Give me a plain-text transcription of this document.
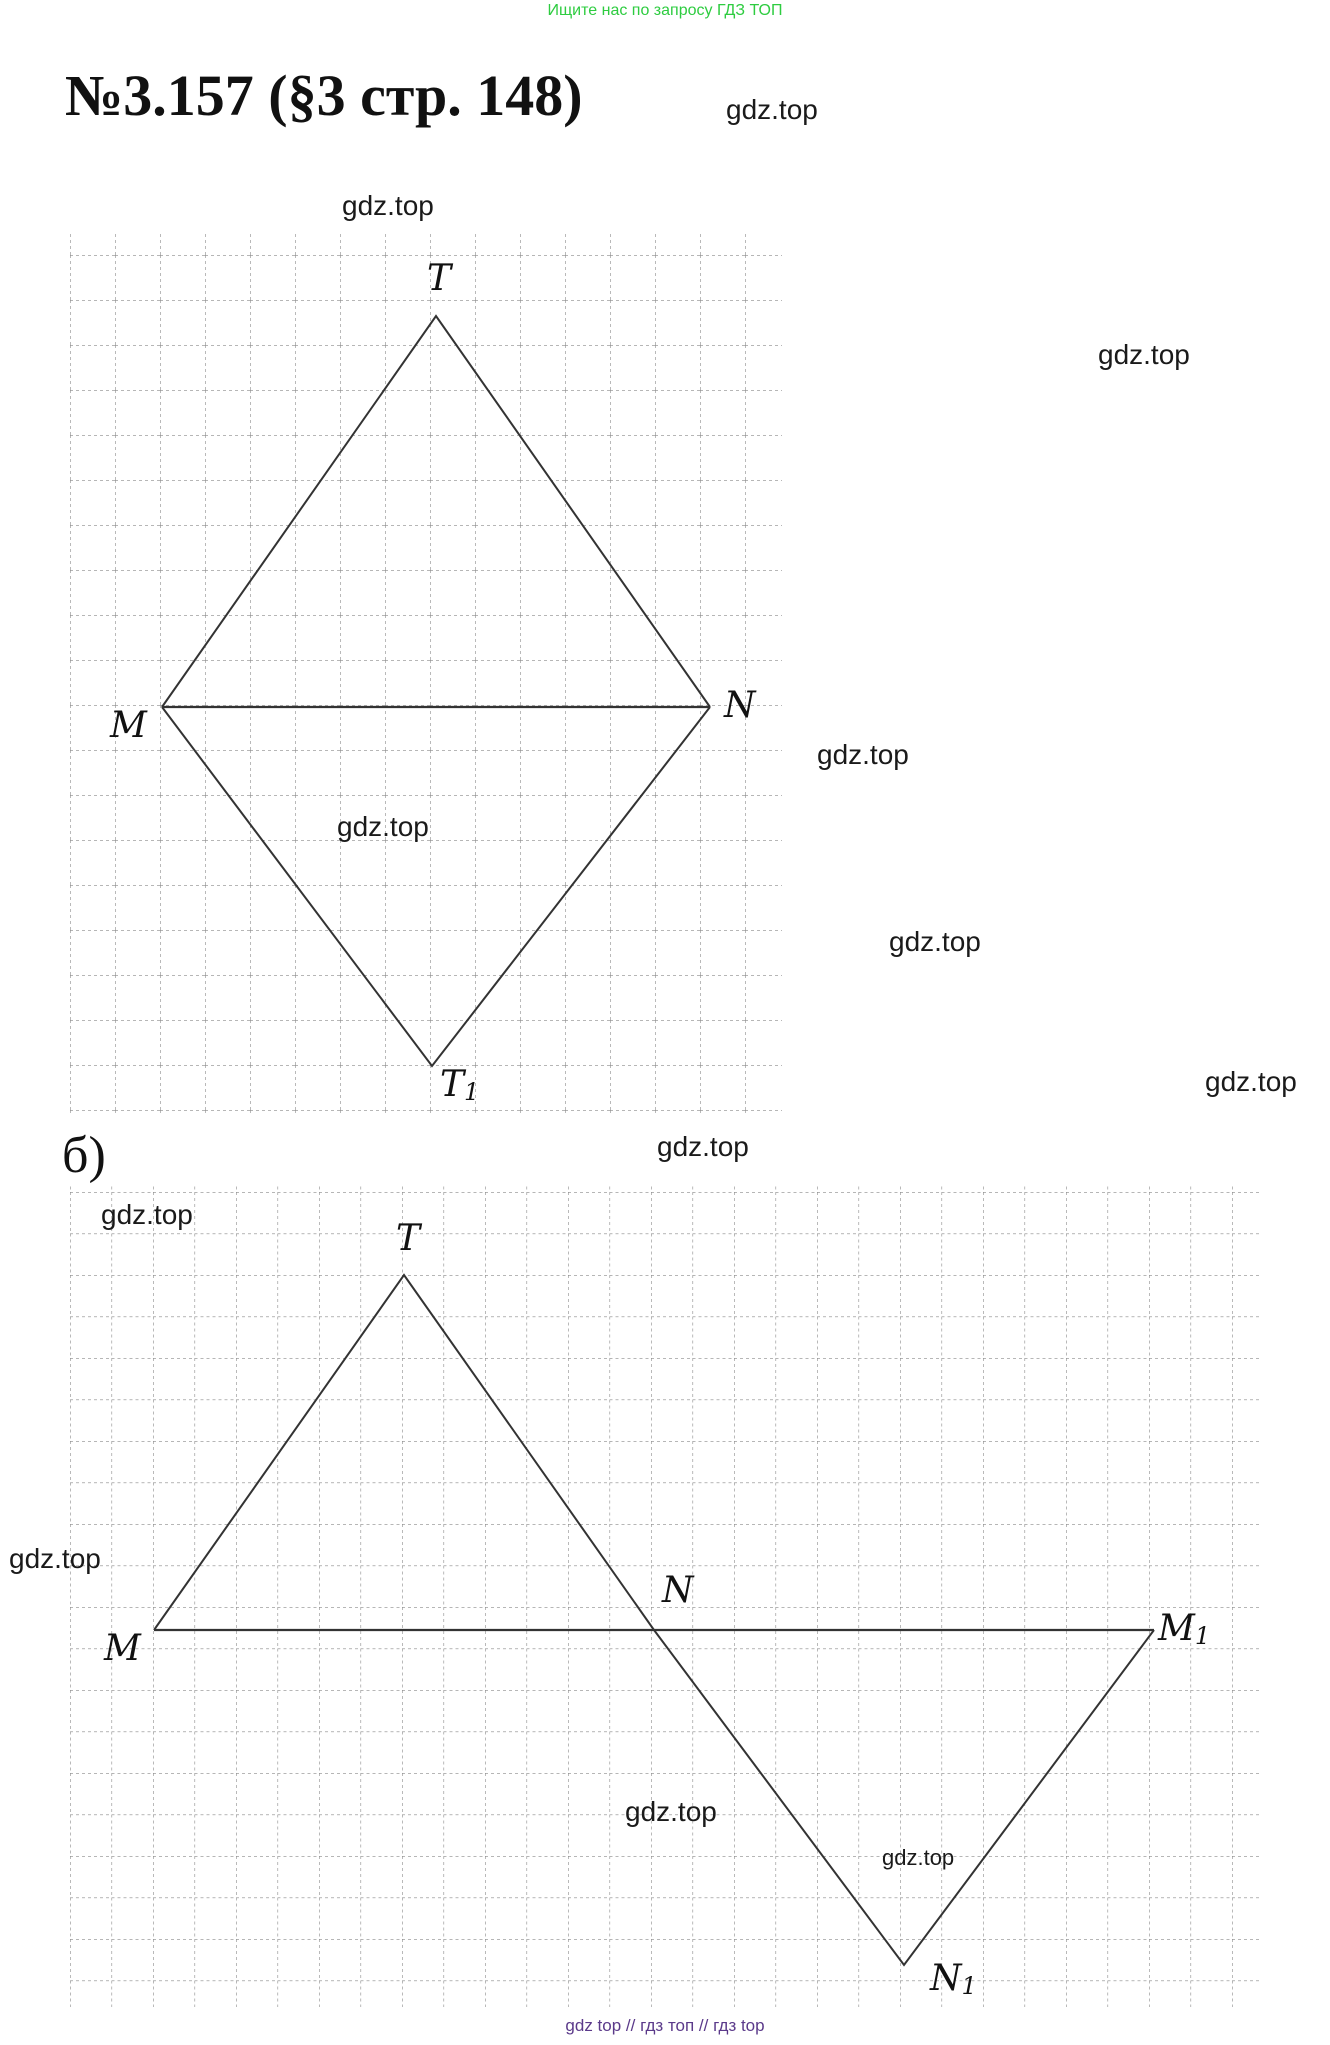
Ищите нас по запросу ГДЗ ТОП
№3.157 (§3 стр. 148)
б)
T
M	N
T1
T
M
N
M1
N1
gdz.top
gdz.top
gdz.top
gdz.top
gdz.top
gdz.top
gdz.top
gdz.top
gdz.top
gdz.top
gdz.top
gdz.top
gdz top // гдз топ // гдз top
